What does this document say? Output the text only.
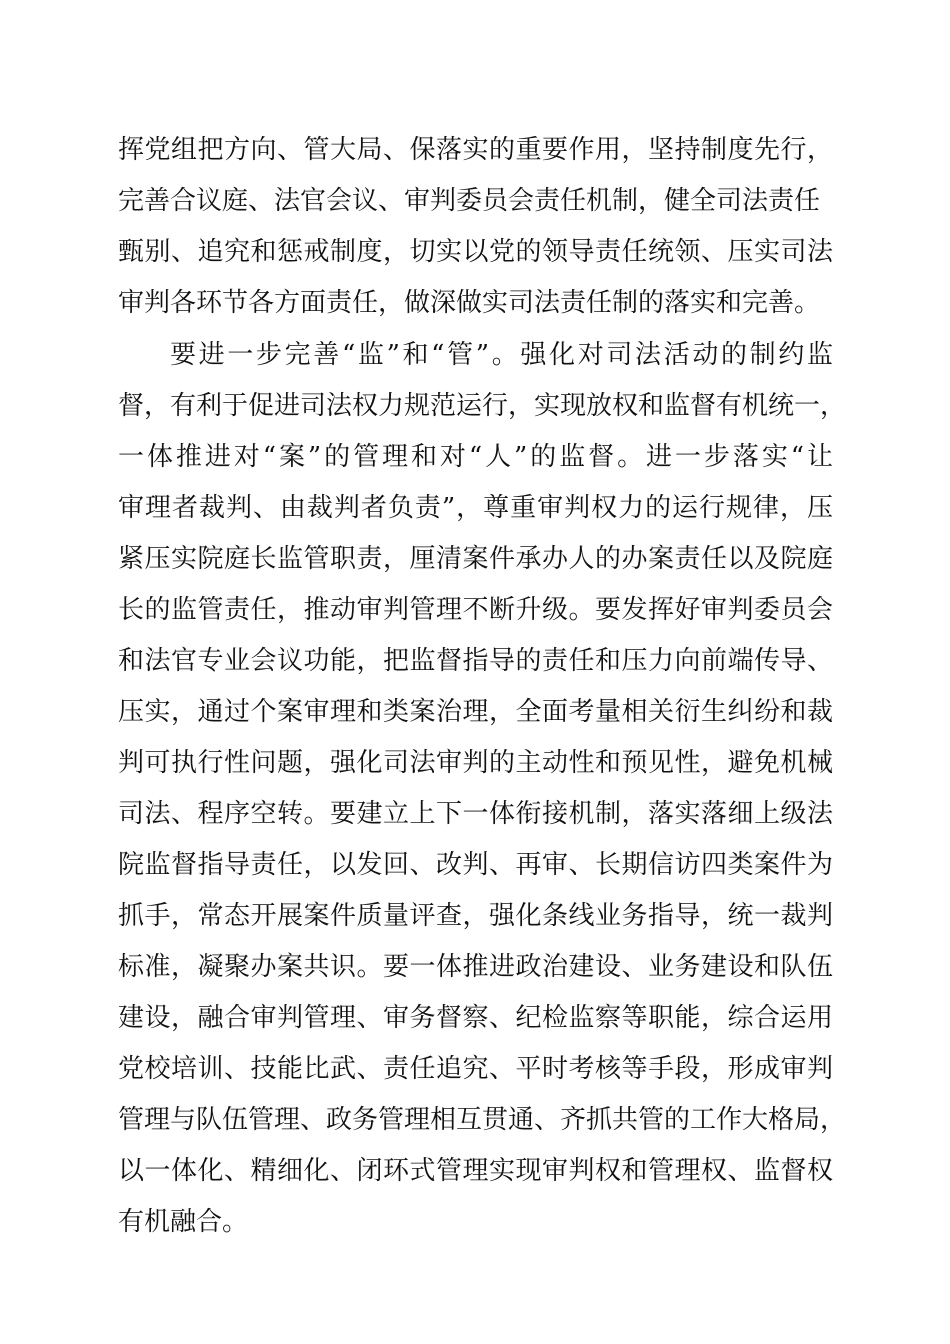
挥党组把方向、管大局、保落实的重要作用，坚持制度先行，
完善合议庭、法官会议、审判委员会责任机制，健全司法责任
甄别、追究和惩戒制度，切实以党的领导责任统领、压实司法
审判各环节各方面责任，做深做实司法责任制的落实和完善。
要进一步完善“监”和“管”。强化对司法活动的制约监
督，有利于促进司法权力规范运行，实现放权和监督有机统一，
一体推进对“案”的管理和对“人”的监督。进一步落实“让
审理者裁判、由裁判者负责”，尊重审判权力的运行规律，压
紧压实院庭长监管职责，厘清案件承办人的办案责任以及院庭
长的监管责任，推动审判管理不断升级。要发挥好审判委员会
和法官专业会议功能，把监督指导的责任和压力向前端传导、
压实，通过个案审理和类案治理，全面考量相关衍生纠纷和裁
判可执行性问题，强化司法审判的主动性和预见性，避免机械
司法、程序空转。要建立上下一体衔接机制，落实落细上级法
院监督指导责任，以发回、改判、再审、长期信访四类案件为
抓手，常态开展案件质量评查，强化条线业务指导，统一裁判
标准，凝聚办案共识。要一体推进政治建设、业务建设和队伍
建设，融合审判管理、审务督察、纪检监察等职能，综合运用
党校培训、技能比武、责任追究、平时考核等手段，形成审判
管理与队伍管理、政务管理相互贯通、齐抓共管的工作大格局，
以一体化、精细化、闭环式管理实现审判权和管理权、监督权
有机融合。
